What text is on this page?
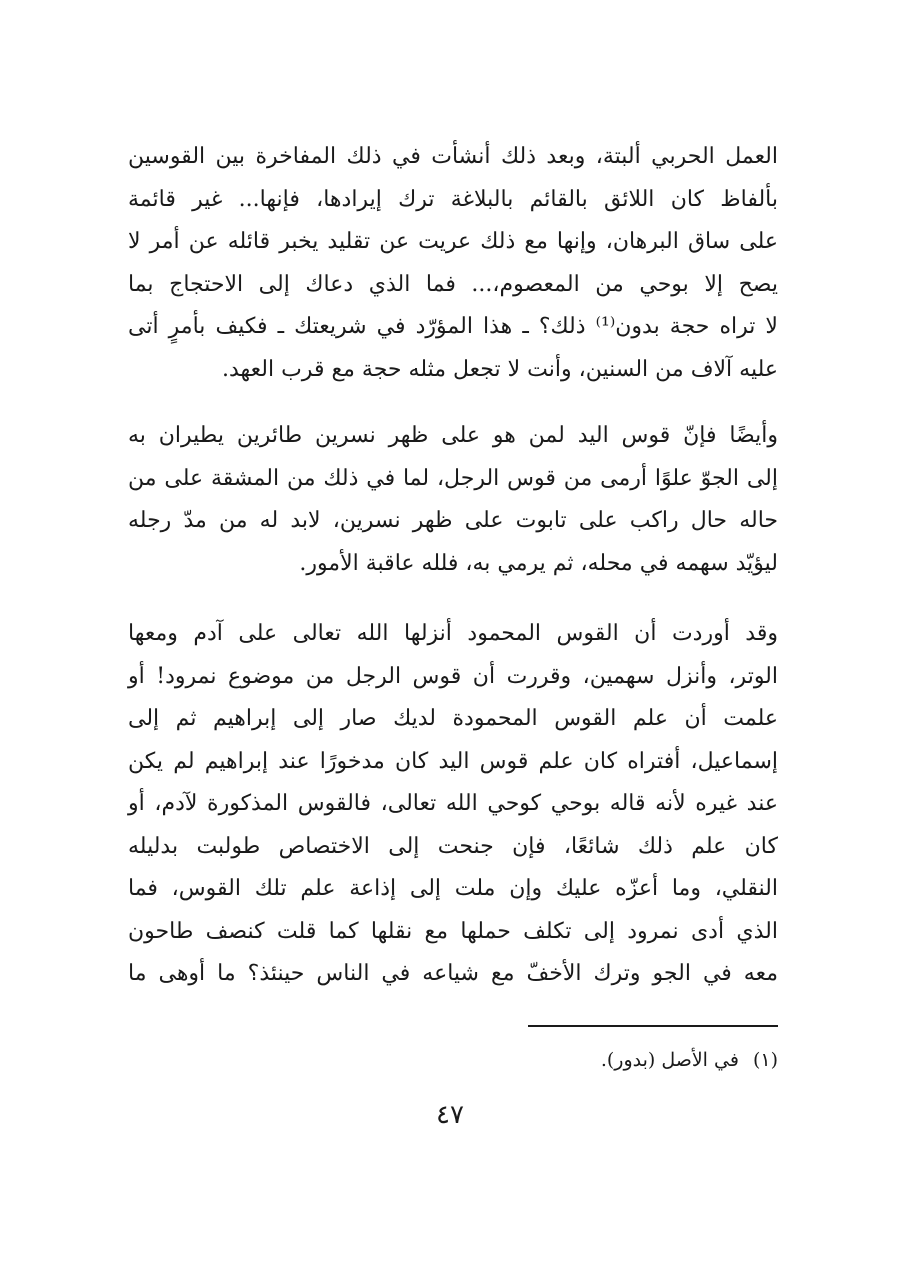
العمل الحربي ألبتة، وبعد ذلك أنشأت في ذلك المفاخرة بين القوسين
بألفاظ كان اللائق بالقائم بالبلاغة ترك إيرادها، فإنها... غير قائمة
على ساق البرهان، وإنها مع ذلك عريت عن تقليد يخبر قائله عن أمر لا
يصح إلا بوحي من المعصوم،... فما الذي دعاك إلى الاحتجاج بما
لا تراه حجة بدون⁽¹⁾ ذلك؟ ـ هذا المؤرّد في شريعتك ـ فكيف بأمرٍ أتى
عليه آلاف من السنين، وأنت لا تجعل مثله حجة مع قرب العهد.
وأيضًا فإنّ قوس اليد لمن هو على ظهر نسرين طائرين يطيران به
إلى الجوّ علوًا أرمى من قوس الرجل، لما في ذلك من المشقة على من
حاله حال راكب على تابوت على ظهر نسرين، لابد له من مدّ رجله
ليؤيّد سهمه في محله، ثم يرمي به، فلله عاقبة الأمور.
وقد أوردت أن القوس المحمود أنزلها الله تعالى على آدم ومعها
الوتر، وأنزل سهمين، وقررت أن قوس الرجل من موضوع نمرود! أو
علمت أن علم القوس المحمودة لديك صار إلى إبراهيم ثم إلى
إسماعيل، أفتراه كان علم قوس اليد كان مدخورًا عند إبراهيم لم يكن
عند غيره لأنه قاله بوحي كوحي الله تعالى، فالقوس المذكورة لآدم، أو
كان علم ذلك شائعًا، فإن جنحت إلى الاختصاص طولبت بدليله
النقلي، وما أعزّه عليك وإن ملت إلى إذاعة علم تلك القوس، فما
الذي أدى نمرود إلى تكلف حملها مع نقلها كما قلت كنصف طاحون
معه في الجو وترك الأخفّ مع شياعه في الناس حينئذ؟ ما أوهى ما
(١)في الأصل (بدور).
٤٧
